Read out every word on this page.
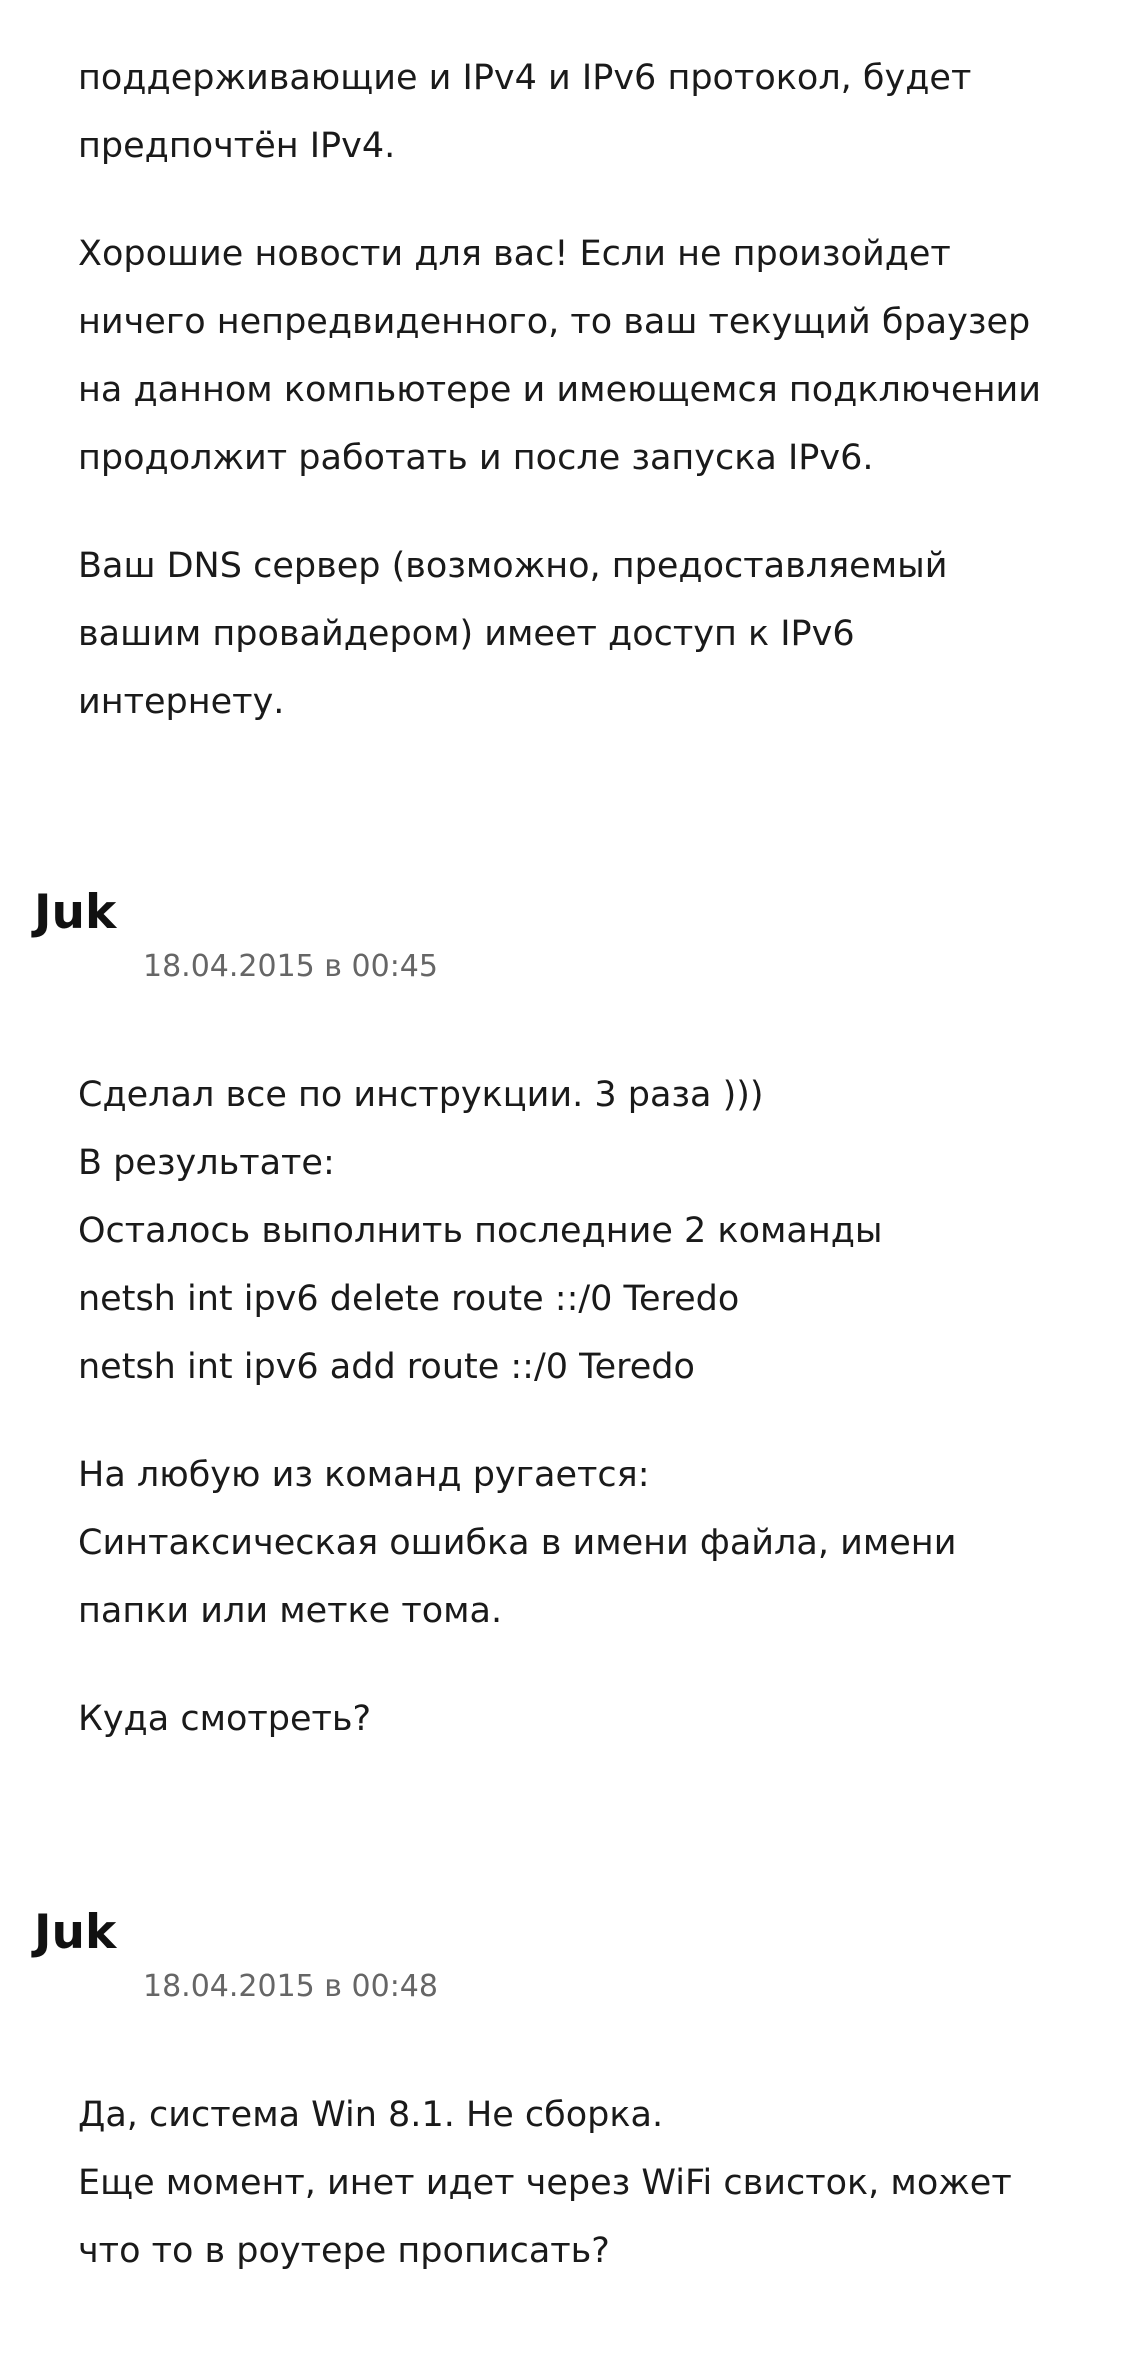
поддерживающие и IPv4 и IPv6 протокол, будет
предпочтён IPv4.

Хорошие новости для вас! Если не произойдет
ничего непредвиденного, то ваш текущий браузер
на данном компьютере и имеющемся подключении
продолжит работать и после запуска IPv6.

Ваш DNS сервер (возможно, предоставляемый
вашим провайдером) имеет доступ к IPv6
интернету.

Juk
18.04.2015 в 00:45

Сделал все по инструкции. 3 раза )))
В результате:
Осталось выполнить последние 2 команды
netsh int ipv6 delete route ::/0 Teredo
netsh int ipv6 add route ::/0 Teredo

На любую из команд ругается:
Синтаксическая ошибка в имени файла, имени
папки или метке тома.

Куда смотреть?

Juk
18.04.2015 в 00:48

Да, система Win 8.1. Не сборка.
Еще момент, инет идет через WiFi свисток, может
что то в роутере прописать?
